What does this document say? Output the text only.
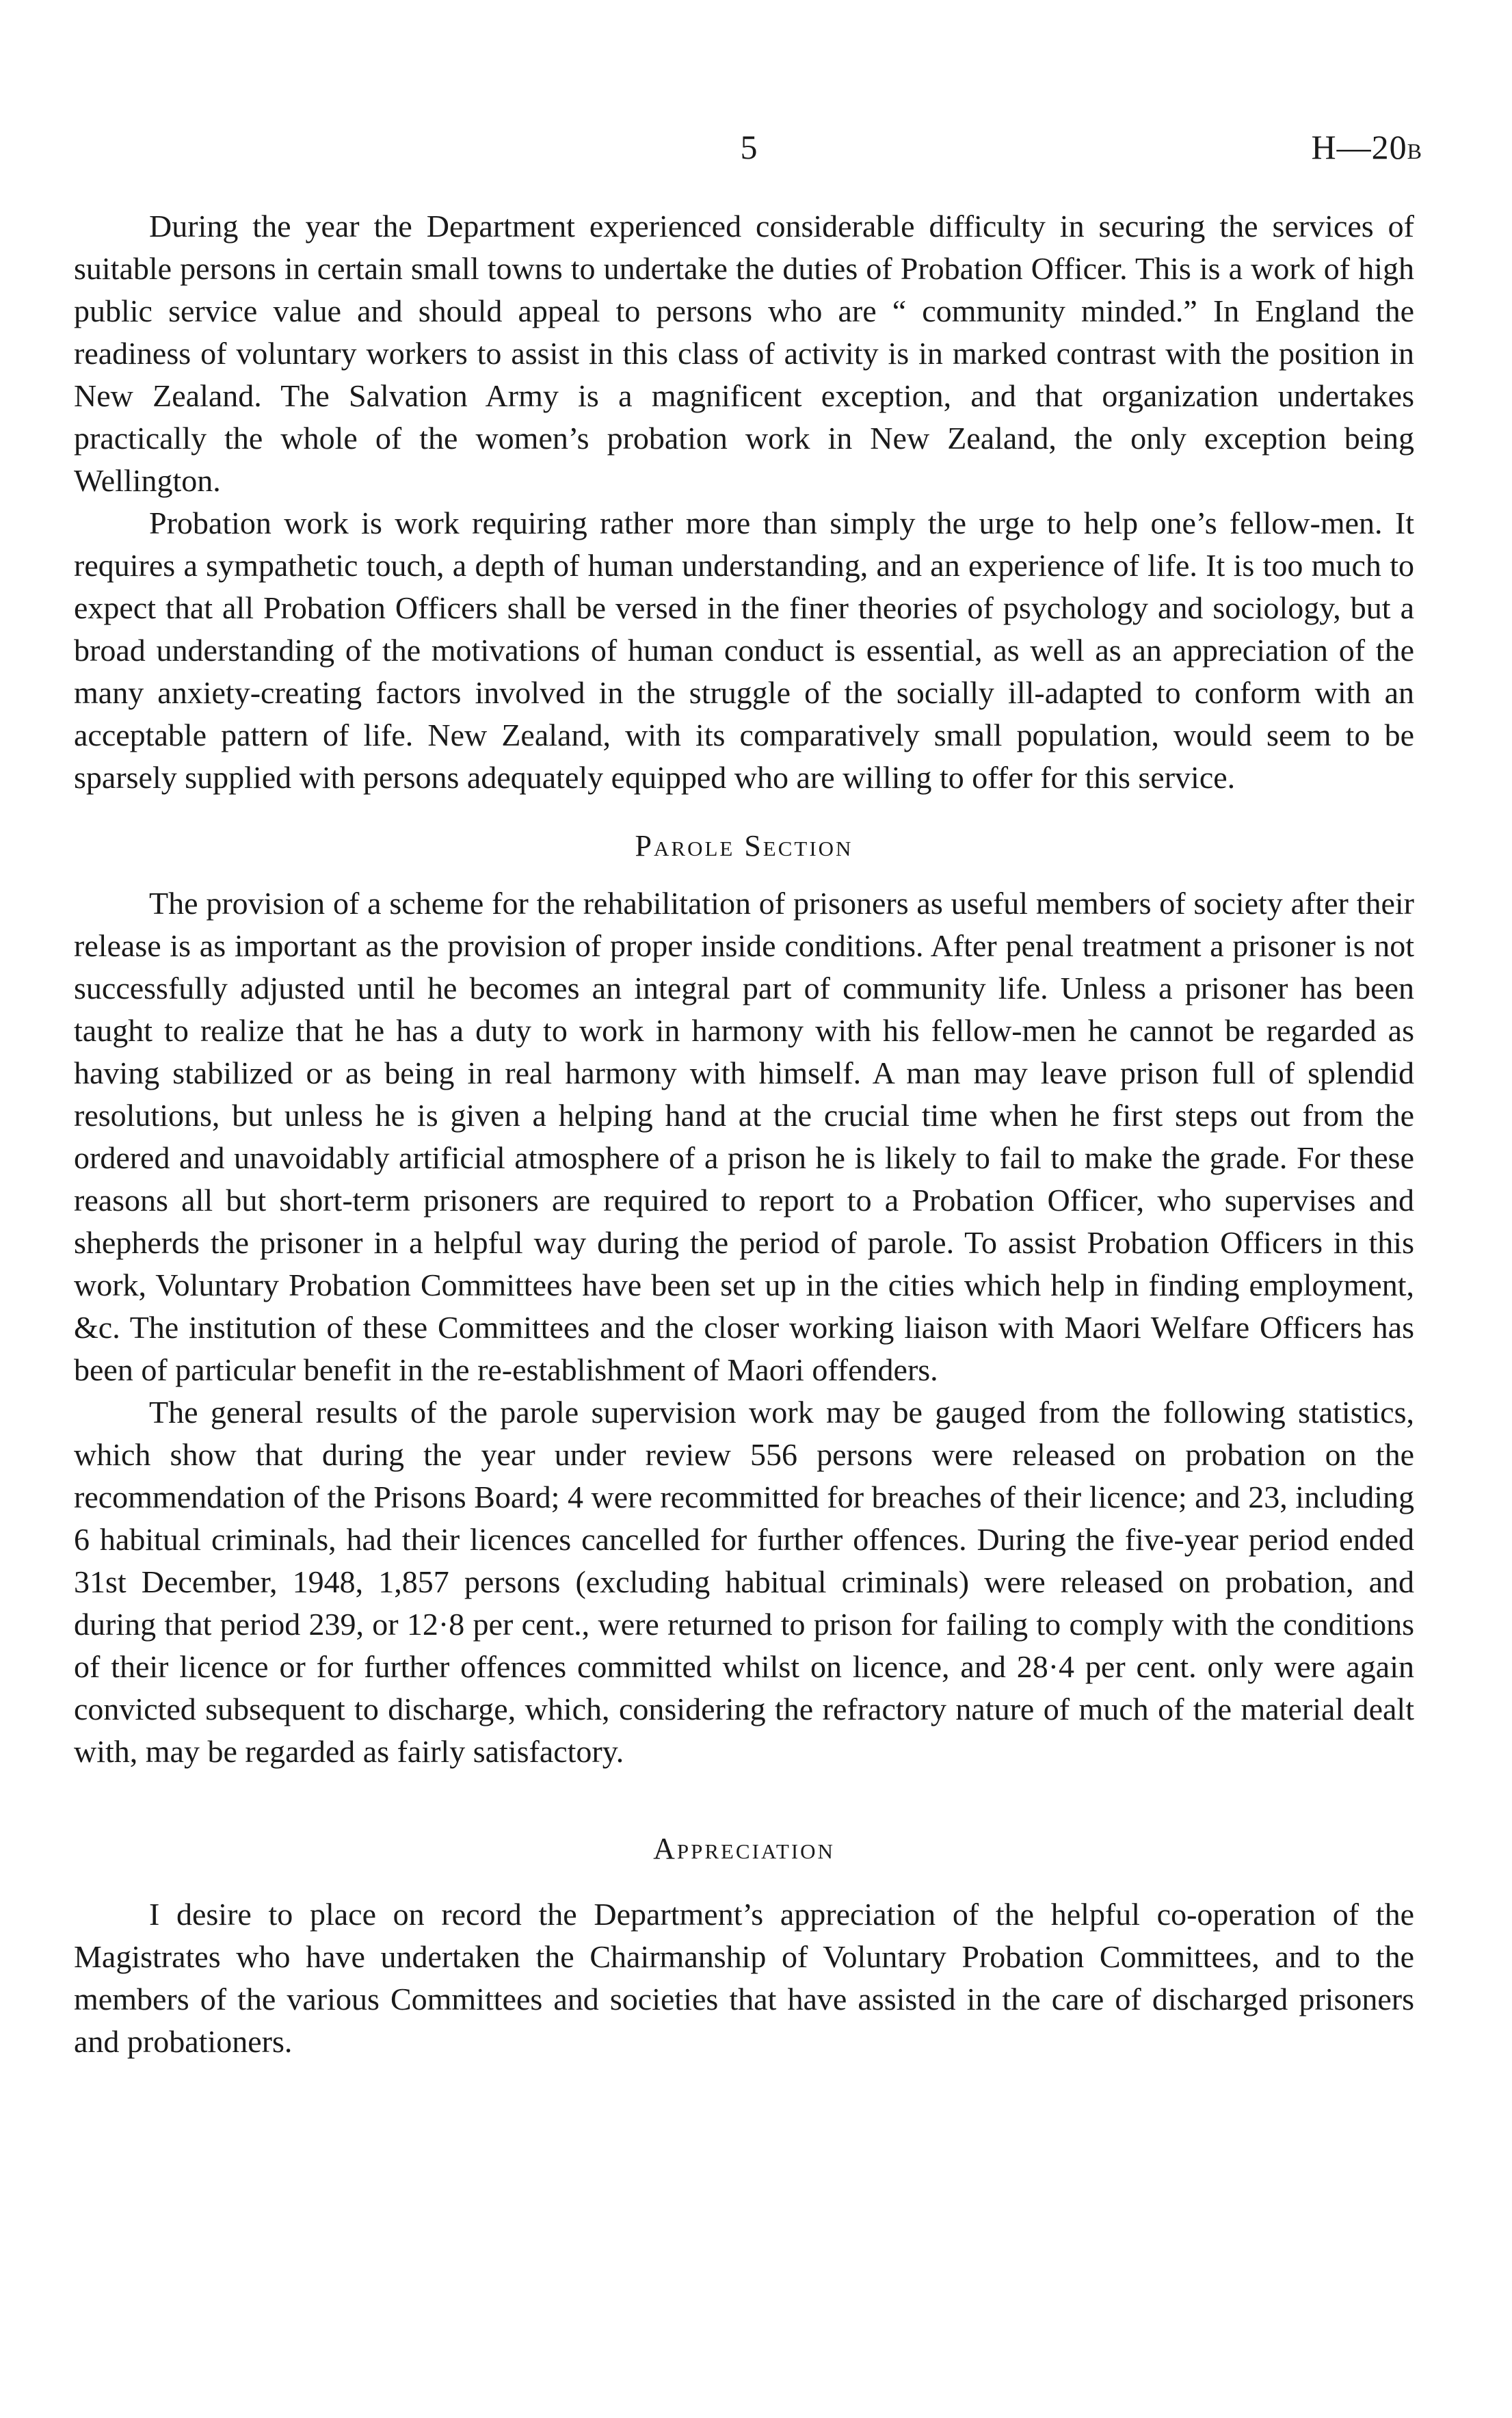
5	H—20B

During the year the Department experienced considerable difficulty in securing the services of suitable persons in certain small towns to undertake the duties of Probation Officer. This is a work of high public service value and should appeal to persons who are “ community minded.” In England the readiness of voluntary workers to assist in this class of activity is in marked contrast with the position in New Zealand. The Salvation Army is a magnificent exception, and that organization undertakes practically the whole of the women’s probation work in New Zealand, the only exception being Wellington.

Probation work is work requiring rather more than simply the urge to help one’s fellow-men. It requires a sympathetic touch, a depth of human understanding, and an experience of life. It is too much to expect that all Probation Officers shall be versed in the finer theories of psychology and sociology, but a broad understanding of the motivations of human conduct is essential, as well as an appreciation of the many anxiety-creating factors involved in the struggle of the socially ill-adapted to conform with an acceptable pattern of life. New Zealand, with its comparatively small population, would seem to be sparsely supplied with persons adequately equipped who are willing to offer for this service.

Parole Section

The provision of a scheme for the rehabilitation of prisoners as useful members of society after their release is as important as the provision of proper inside conditions. After penal treatment a prisoner is not successfully adjusted until he becomes an integral part of community life. Unless a prisoner has been taught to realize that he has a duty to work in harmony with his fellow-men he cannot be regarded as having stabilized or as being in real harmony with himself. A man may leave prison full of splendid resolutions, but unless he is given a helping hand at the crucial time when he first steps out from the ordered and unavoidably artificial atmosphere of a prison he is likely to fail to make the grade. For these reasons all but short-term prisoners are required to report to a Probation Officer, who supervises and shepherds the prisoner in a helpful way during the period of parole. To assist Probation Officers in this work, Voluntary Probation Committees have been set up in the cities which help in finding employment, &c. The institution of these Committees and the closer working liaison with Maori Welfare Officers has been of particular benefit in the re-establishment of Maori offenders.

The general results of the parole supervision work may be gauged from the following statistics, which show that during the year under review 556 persons were released on probation on the recommendation of the Prisons Board; 4 were recommitted for breaches of their licence; and 23, including 6 habitual criminals, had their licences cancelled for further offences. During the five-year period ended 31st December, 1948, 1,857 persons (excluding habitual criminals) were released on probation, and during that period 239, or 12·8 per cent., were returned to prison for failing to comply with the conditions of their licence or for further offences committed whilst on licence, and 28·4 per cent. only were again convicted subsequent to discharge, which, considering the refractory nature of much of the material dealt with, may be regarded as fairly satisfactory.

Appreciation

I desire to place on record the Department’s appreciation of the helpful co-operation of the Magistrates who have undertaken the Chairmanship of Voluntary Probation Committees, and to the members of the various Committees and societies that have assisted in the care of discharged prisoners and probationers.
